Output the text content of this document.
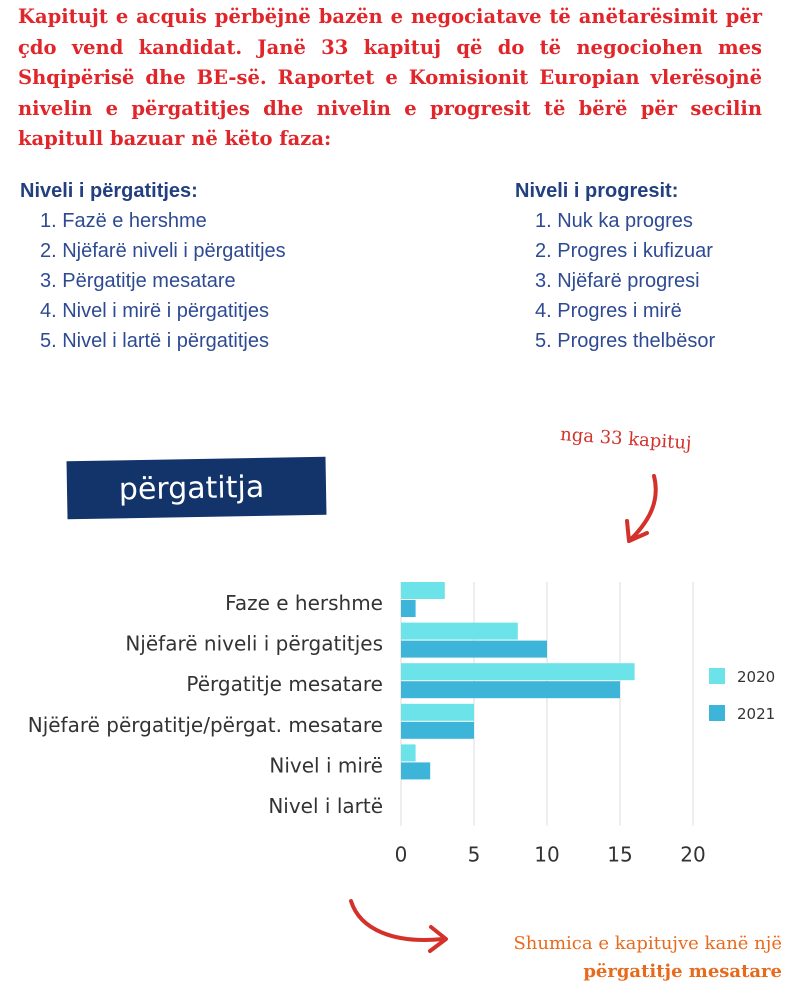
Kapitujt e acquis përbëjnë bazën e negociatave të anëtarësimit për çdo vend kandidat. Janë 33 kapituj që do të negociohen mes Shqipërisë dhe BE-së. Raportet e Komisionit Europian vlerësojnë nivelin e përgatitjes dhe nivelin e progresit të bërë për secilin kapitull bazuar në këto faza:

Niveli i përgatitjes:
1. Fazë e hershme
2. Njëfarë niveli i përgatitjes
3. Përgatitje mesatare
4. Nivel i mirë i përgatitjes
5. Nivel i lartë i përgatitjes
Niveli i progresit:
1. Nuk ka progres
2. Progres i kufizuar
3. Njëfarë progresi
4. Progres i mirë
5. Progres thelbësor
nga 33 kapituj
përgatitja
Faze e hershme
Njëfarë niveli i përgatitjes
Përgatitje mesatare
Njëfarë përgatitje/përgat. mesatare
Nivel i mirë
Nivel i lartë
0	5	10 15 20
2020
2021
Shumica e kapitujve kanë një
përgatitje mesatare
